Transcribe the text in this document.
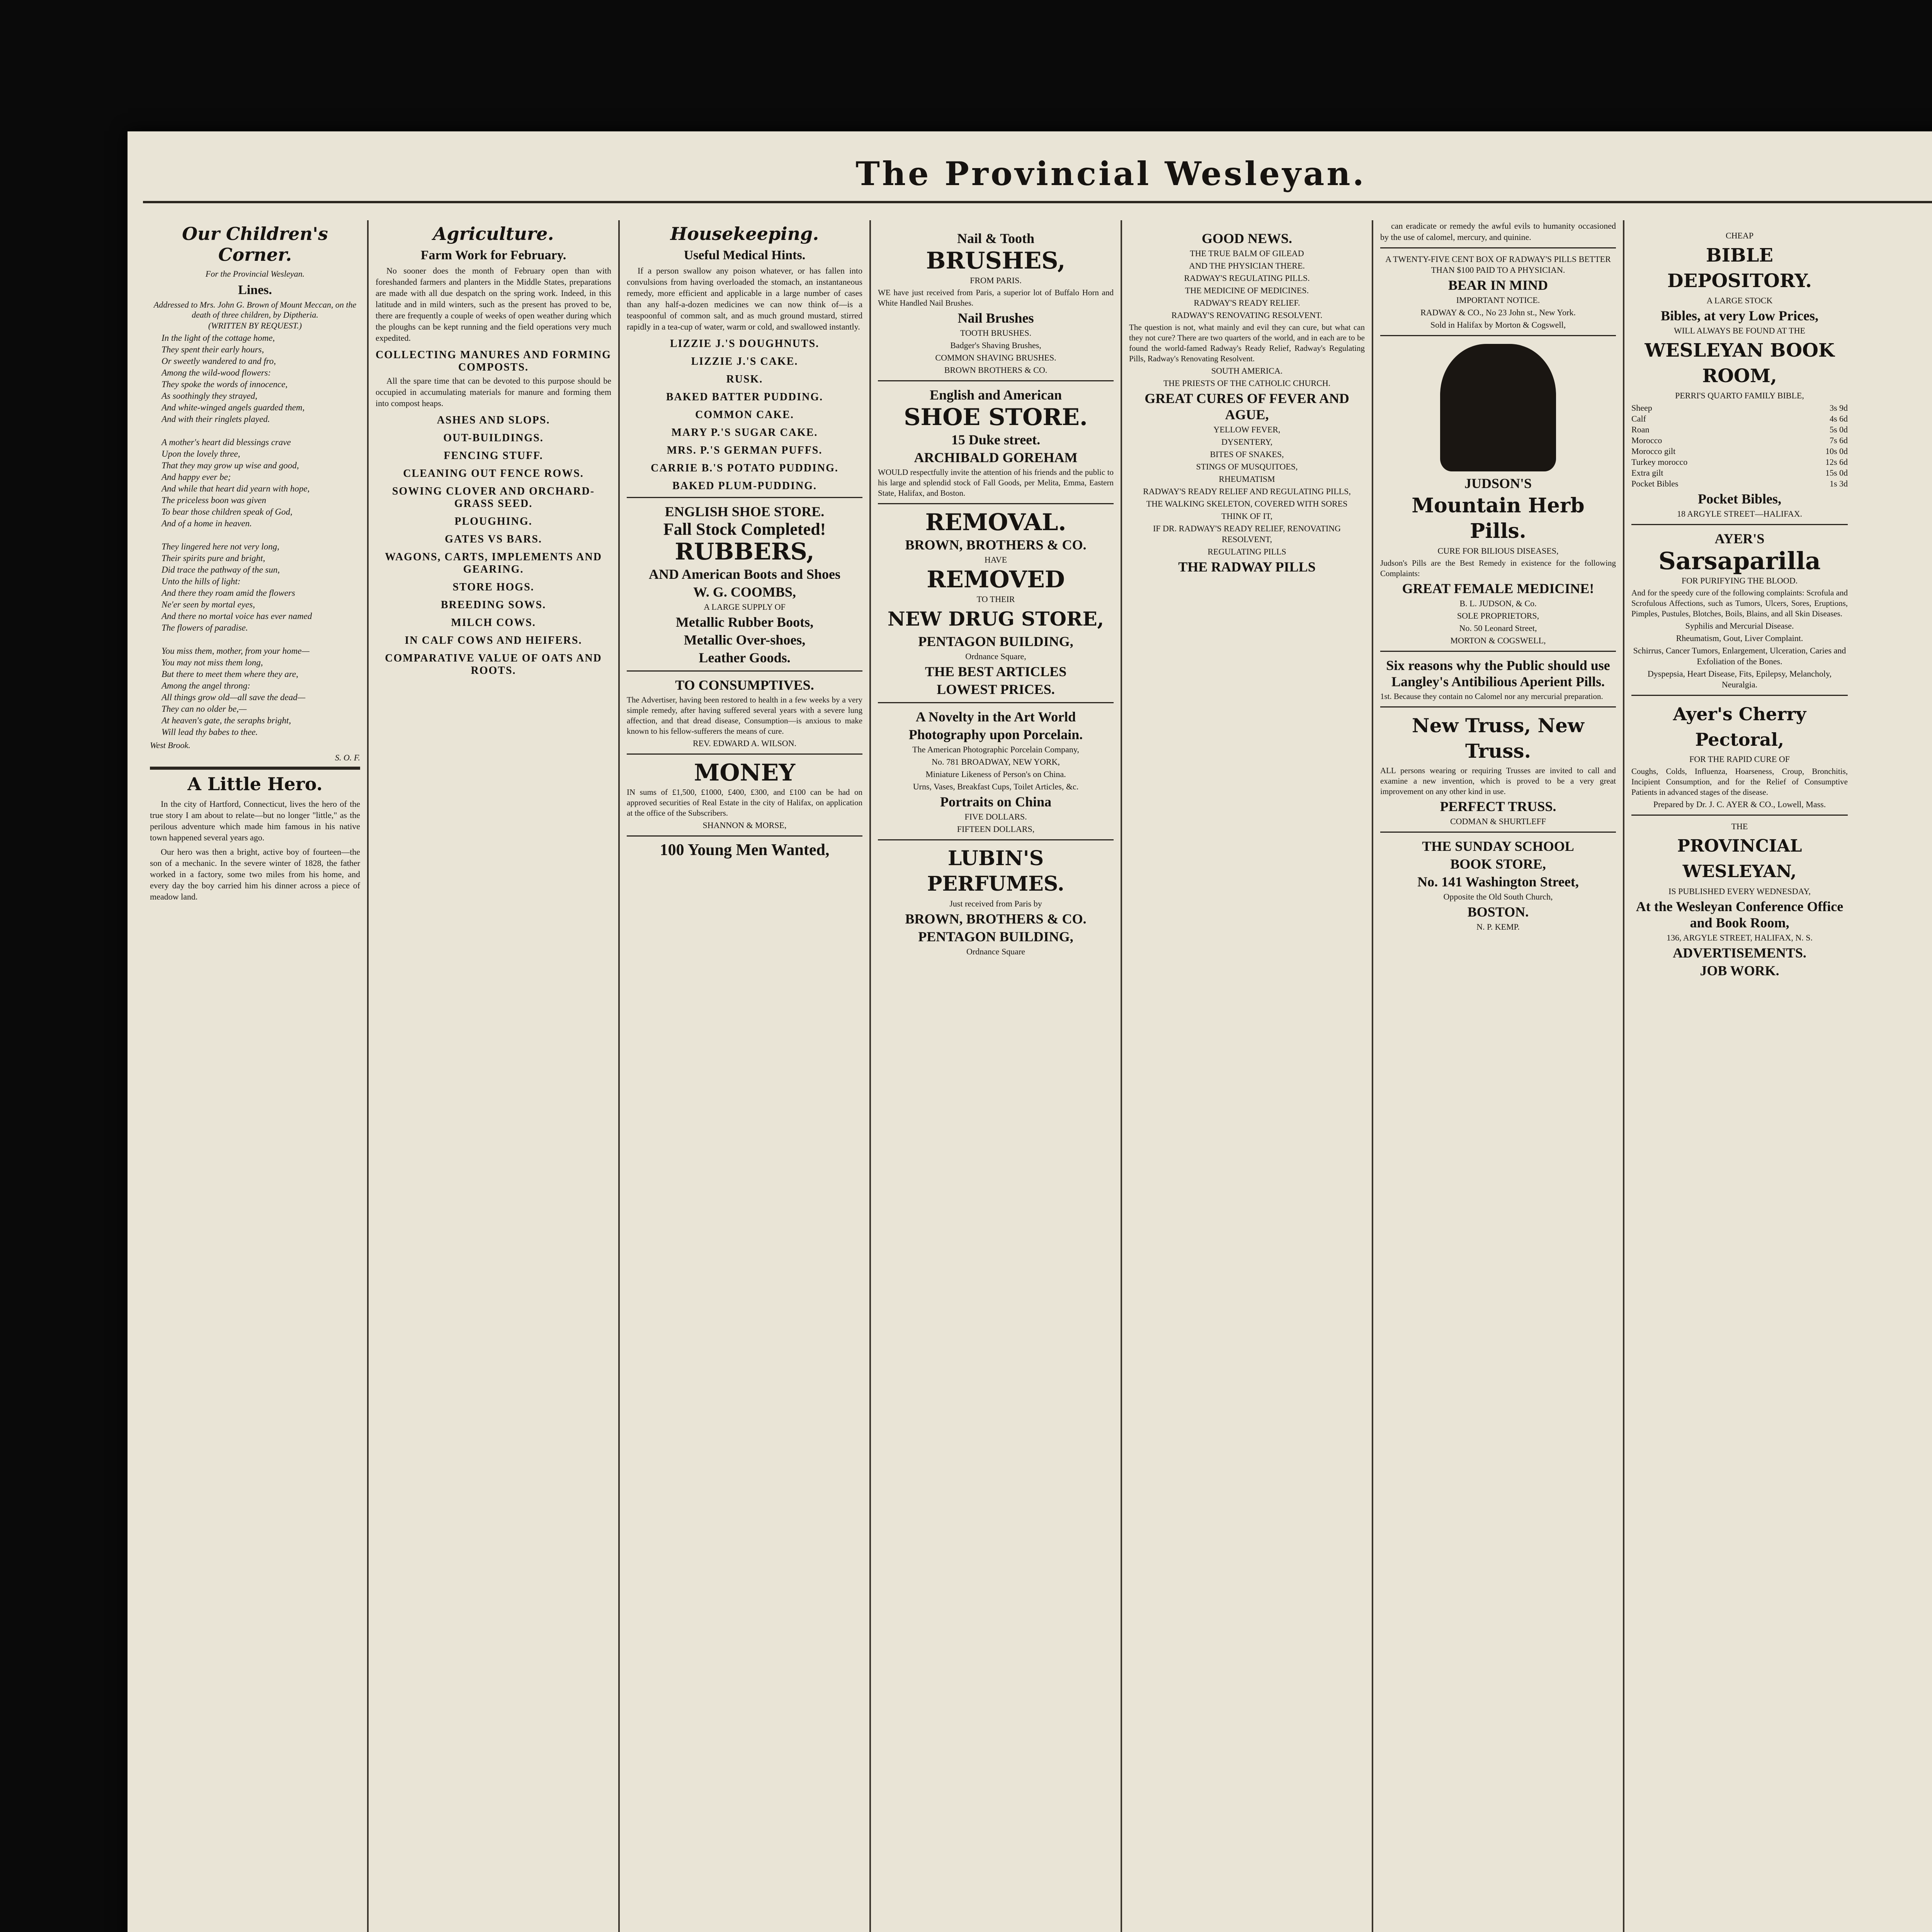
The Provincial Wesleyan.
Our Children's Corner.
For the Provincial Wesleyan.
Lines.
Addressed to Mrs. John G. Brown of Mount Meccan, on the death of three children, by Diptheria.
(WRITTEN BY REQUEST.)
In the light of the cottage home,
They spent their early hours,
Or sweetly wandered to and fro,
Among the wild-wood flowers:
They spoke the words of innocence,
As soothingly they strayed,
And white-winged angels guarded them,
And with their ringlets played.

A mother's heart did blessings crave
Upon the lovely three,
That they may grow up wise and good,
And happy ever be;
And while that heart did yearn with hope,
The priceless boon was given
To bear those children speak of God,
And of a home in heaven.

They lingered here not very long,
Their spirits pure and bright,
Did trace the pathway of the sun,
Unto the hills of light:
And there they roam amid the flowers
Ne'er seen by mortal eyes,
And there no mortal voice has ever named
The flowers of paradise.

You miss them, mother, from your home—
You may not miss them long,
But there to meet them where they are,
Among the angel throng:
All things grow old—all save the dead—
They can no older be,—
At heaven's gate, the seraphs bright,
Will lead thy babes to thee.
West Brook.
S. O. F.
A Little Hero.

In the city of Hartford, Connecticut, lives the hero of the true story I am about to relate—but no longer "little," as the perilous adventure which made him famous in his native town happened several years ago.

Our hero was then a bright, active boy of fourteen—the son of a mechanic. In the severe winter of 1828, the father worked in a factory, some two miles from his home, and every day the boy carried him his dinner across a piece of meadow land.

Agriculture.
Farm Work for February.

No sooner does the month of February open than with foreshanded farmers and planters in the Middle States, preparations are made with all due despatch on the spring work. Indeed, in this latitude and in mild winters, such as the present has proved to be, there are frequently a couple of weeks of open weather during which the ploughs can be kept running and the field operations very much expedited.

COLLECTING MANURES AND FORMING COMPOSTS.

All the spare time that can be devoted to this purpose should be occupied in accumulating materials for manure and forming them into compost heaps.

ASHES AND SLOPS.
OUT-BUILDINGS.
FENCING STUFF.
CLEANING OUT FENCE ROWS.
SOWING CLOVER AND ORCHARD-GRASS SEED.
PLOUGHING.
GATES VS BARS.
WAGONS, CARTS, IMPLEMENTS AND GEARING.
STORE HOGS.
BREEDING SOWS.
MILCH COWS.
IN CALF COWS AND HEIFERS.
COMPARATIVE VALUE OF OATS AND ROOTS.
Housekeeping.
Useful Medical Hints.

If a person swallow any poison whatever, or has fallen into convulsions from having overloaded the stomach, an instantaneous remedy, more efficient and applicable in a large number of cases than any half-a-dozen medicines we can now think of—is a teaspoonful of common salt, and as much ground mustard, stirred rapidly in a tea-cup of water, warm or cold, and swallowed instantly.

LIZZIE J.'S DOUGHNUTS.
LIZZIE J.'S CAKE.
RUSK.
BAKED BATTER PUDDING.
COMMON CAKE.
MARY P.'S SUGAR CAKE.
MRS. P.'S GERMAN PUFFS.
CARRIE B.'S POTATO PUDDING.
BAKED PLUM-PUDDING.
ENGLISH SHOE STORE.
Fall Stock Completed!
RUBBERS,
AND American Boots and Shoes
W. G. COOMBS,
A LARGE SUPPLY OF
Metallic Rubber Boots,
Metallic Over-shoes,
Leather Goods.
TO CONSUMPTIVES.
The Advertiser, having been restored to health in a few weeks by a very simple remedy, after having suffered several years with a severe lung affection, and that dread disease, Consumption—is anxious to make known to his fellow-sufferers the means of cure.
REV. EDWARD A. WILSON.
MONEY
IN sums of £1,500, £1000, £400, £300, and £100 can be had on approved securities of Real Estate in the city of Halifax, on application at the office of the Subscribers.
SHANNON & MORSE,
100 Young Men Wanted,
Nail & Tooth
BRUSHES,
FROM PARIS.
WE have just received from Paris, a superior lot of Buffalo Horn and White Handled Nail Brushes.
Nail Brushes
TOOTH BRUSHES.
Badger's Shaving Brushes,
COMMON SHAVING BRUSHES.
BROWN BROTHERS & CO.
English and American
SHOE STORE.
15 Duke street.
ARCHIBALD GOREHAM
WOULD respectfully invite the attention of his friends and the public to his large and splendid stock of Fall Goods, per Melita, Emma, Eastern State, Halifax, and Boston.
REMOVAL.
BROWN, BROTHERS & CO.
HAVE
REMOVED
TO THEIR
NEW DRUG STORE,
PENTAGON BUILDING,
Ordnance Square,
THE BEST ARTICLES
LOWEST PRICES.
A Novelty in the Art World
Photography upon Porcelain.
The American Photographic Porcelain Company,
No. 781 BROADWAY, NEW YORK,
Miniature Likeness of Person's on China.
Urns, Vases, Breakfast Cups, Toilet Articles, &c.
Portraits on China
FIVE DOLLARS.
FIFTEEN DOLLARS,
LUBIN'S PERFUMES.
Just received from Paris by
BROWN, BROTHERS & CO.
PENTAGON BUILDING,
Ordnance Square
GOOD NEWS.
THE TRUE BALM OF GILEAD
AND THE PHYSICIAN THERE.
RADWAY'S REGULATING PILLS.
THE MEDICINE OF MEDICINES.
RADWAY'S READY RELIEF.
RADWAY'S RENOVATING RESOLVENT.
The question is not, what mainly and evil they can cure, but what can they not cure? There are two quarters of the world, and in each are to be found the world-famed Radway's Ready Relief, Radway's Regulating Pills, Radway's Renovating Resolvent.
SOUTH AMERICA.
THE PRIESTS OF THE CATHOLIC CHURCH.
GREAT CURES OF FEVER AND AGUE,
YELLOW FEVER,
DYSENTERY,
BITES OF SNAKES,
STINGS OF MUSQUITOES,
RHEUMATISM
RADWAY'S READY RELIEF AND REGULATING PILLS,
THE WALKING SKELETON, COVERED WITH SORES
THINK OF IT,
IF DR. RADWAY'S READY RELIEF, RENOVATING RESOLVENT,
REGULATING PILLS
THE RADWAY PILLS

can eradicate or remedy the awful evils to humanity occasioned by the use of calomel, mercury, and quinine.

A TWENTY-FIVE CENT BOX OF RADWAY'S PILLS BETTER THAN $100 PAID TO A PHYSICIAN.
BEAR IN MIND
IMPORTANT NOTICE.
RADWAY & CO., No 23 John st., New York.
Sold in Halifax by Morton & Cogswell,
JUDSON'S
Mountain Herb Pills.
CURE FOR BILIOUS DISEASES,
Judson's Pills are the Best Remedy in existence for the following Complaints:
GREAT FEMALE MEDICINE!
B. L. JUDSON, & Co.
SOLE PROPRIETORS,
No. 50 Leonard Street,
MORTON & COGSWELL,
Six reasons why the Public should use Langley's Antibilious Aperient Pills.
1st. Because they contain no Calomel nor any mercurial preparation.
New Truss, New Truss.
ALL persons wearing or requiring Trusses are invited to call and examine a new invention, which is proved to be a very great improvement on any other kind in use.
PERFECT TRUSS.
CODMAN & SHURTLEFF
THE SUNDAY SCHOOL
BOOK STORE,
No. 141 Washington Street,
Opposite the Old South Church,
BOSTON.
N. P. KEMP.
CHEAP
BIBLE DEPOSITORY.
A LARGE STOCK
Bibles, at very Low Prices,
WILL ALWAYS BE FOUND AT THE
WESLEYAN BOOK ROOM,
PERRI'S QUARTO FAMILY BIBLE,
Sheep	3s 9d
Calf	4s 6d
Roan	5s 0d
Morocco	7s 6d
Morocco gilt	10s 0d
Turkey morocco	12s 6d
Extra gilt	15s 0d
Pocket Bibles	1s 3d
Pocket Bibles,
18 ARGYLE STREET—HALIFAX.
AYER'S
Sarsaparilla
FOR PURIFYING THE BLOOD.
And for the speedy cure of the following complaints: Scrofula and Scrofulous Affections, such as Tumors, Ulcers, Sores, Eruptions, Pimples, Pustules, Blotches, Boils, Blains, and all Skin Diseases.
Syphilis and Mercurial Disease.
Rheumatism, Gout, Liver Complaint.
Schirrus, Cancer Tumors, Enlargement, Ulceration, Caries and Exfoliation of the Bones.
Dyspepsia, Heart Disease, Fits, Epilepsy, Melancholy, Neuralgia.
Ayer's Cherry Pectoral,
FOR THE RAPID CURE OF
Coughs, Colds, Influenza, Hoarseness, Croup, Bronchitis, Incipient Consumption, and for the Relief of Consumptive Patients in advanced stages of the disease.
Prepared by Dr. J. C. AYER & CO., Lowell, Mass.
THE
PROVINCIAL WESLEYAN,
IS PUBLISHED EVERY WEDNESDAY,
At the Wesleyan Conference Office and Book Room,
136, ARGYLE STREET, HALIFAX, N. S.
ADVERTISEMENTS.
JOB WORK.
